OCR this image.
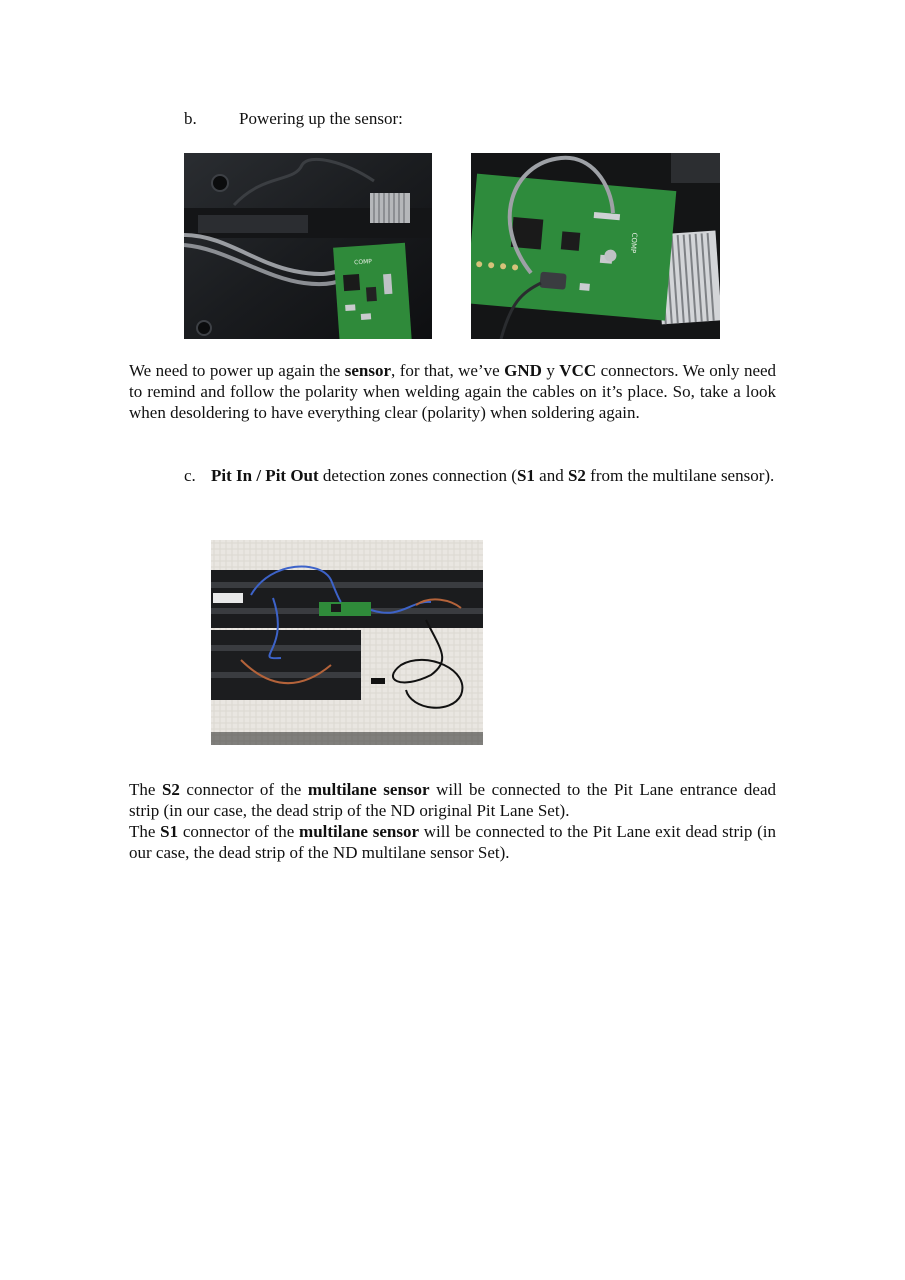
b. Powering up the sensor:
COMP
COMP
We need to power up again the sensor, for that, we’ve GND y VCC connectors. We only need to remind and follow the polarity when welding again the cables on it’s place. So, take a look when desoldering to have everything clear (polarity) when soldering again.
c. Pit In / Pit Out detection zones connection (S1 and S2 from the multilane sensor).
The S2 connector of the multilane sensor will be connected to the Pit Lane entrance dead strip (in our case, the dead strip of the ND original Pit Lane Set).
The S1 connector of the multilane sensor will be connected to the Pit Lane exit dead strip (in our case, the dead strip of the ND multilane sensor Set).
